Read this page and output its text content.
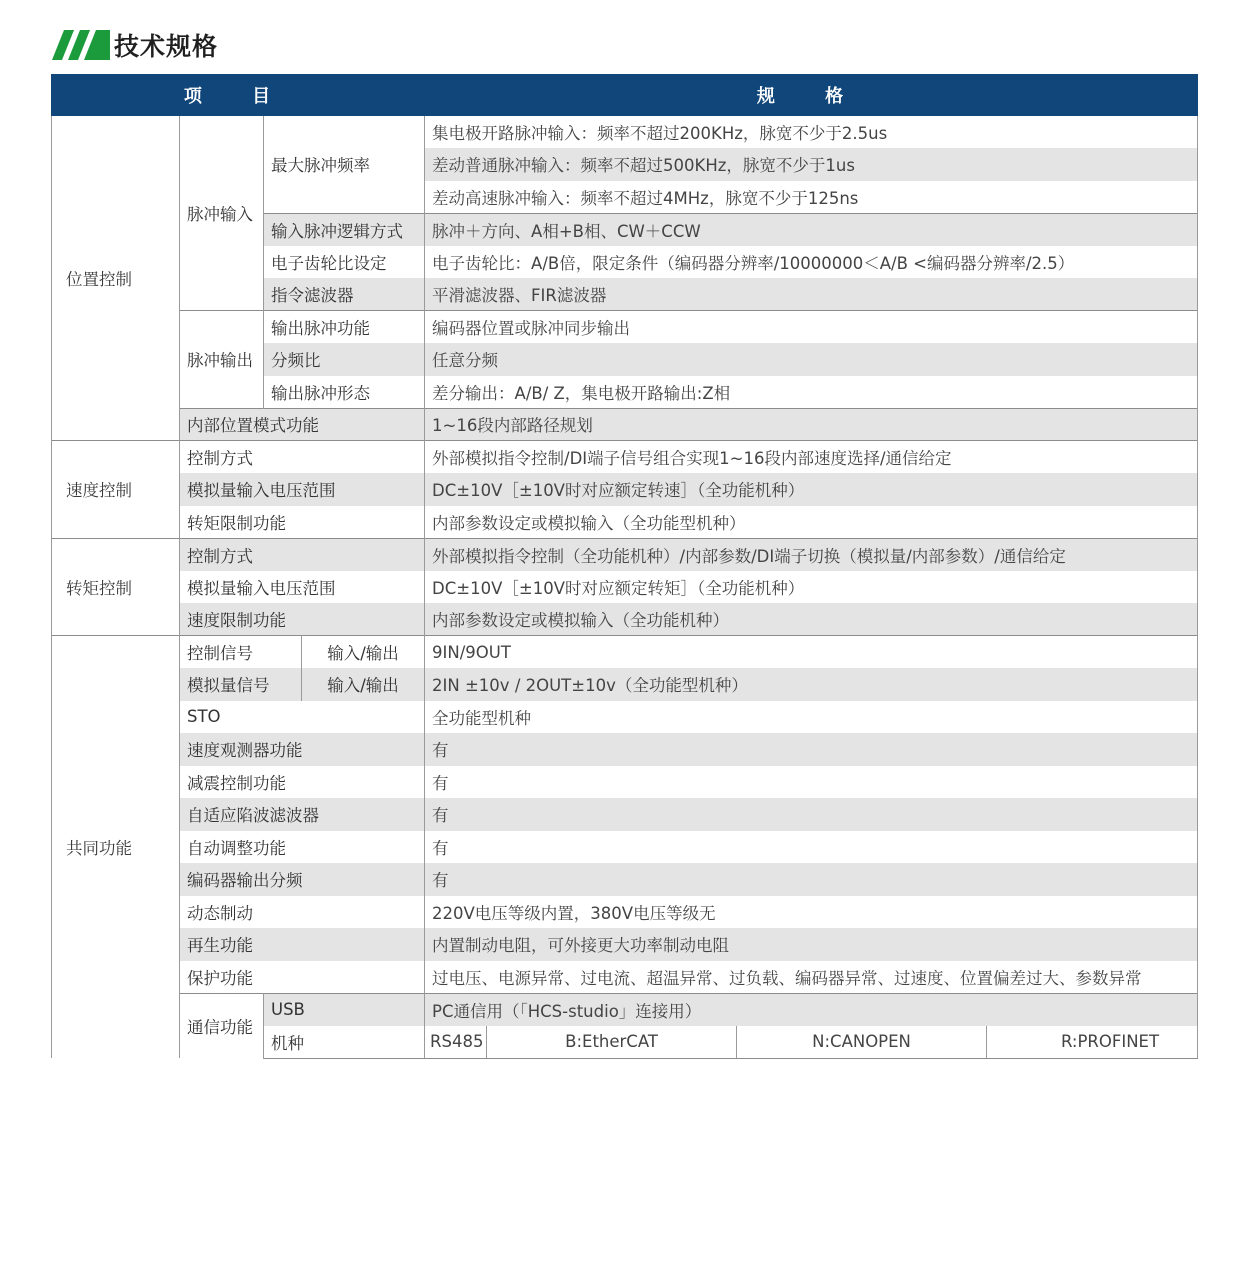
技术规格
项 目				规 格			
位置控制	脉冲输入	最大脉冲频率		集电极开路脉冲输入：频率不超过200KHz，脉宽不少于2.5us			
				差动普通脉冲输入：频率不超过500KHz，脉宽不少于1us			
				差动高速脉冲输入：频率不超过4MHz，脉宽不少于125ns			
		输入脉冲逻辑方式		脉冲＋方向、A相+B相、CW＋CCW			
		电子齿轮比设定		电子齿轮比：A/B倍，限定条件（编码器分辨率/10000000＜A/B <编码器分辨率/2.5）			
		指令滤波器		平滑滤波器、FIR滤波器			
	脉冲输出	输出脉冲功能		编码器位置或脉冲同步输出			
		分频比		任意分频			
		输出脉冲形态		差分输出：A/B/ Z，集电极开路输出:Z相			
	内部位置模式功能			1~16段内部路径规划			
速度控制	控制方式			外部模拟指令控制/DI端子信号组合实现1~16段内部速度选择/通信给定			
	模拟量输入电压范围			DC±10V［±10V时对应额定转速］（全功能机种）			
	转矩限制功能			内部参数设定或模拟输入（全功能型机种）			
转矩控制	控制方式			外部模拟指令控制（全功能机种）/内部参数/DI端子切换（模拟量/内部参数）/通信给定			
	模拟量输入电压范围			DC±10V［±10V时对应额定转矩］（全功能机种）			
	速度限制功能			内部参数设定或模拟输入（全功能机种）			
共同功能	控制信号		输入/输出	9IN/9OUT			
	模拟量信号		输入/输出	2IN ±10v / 2OUT±10v（全功能型机种）			
	STO			全功能型机种			
	速度观测器功能			有			
	减震控制功能			有			
	自适应陷波滤波器			有			
	自动调整功能			有			
	编码器输出分频			有			
	动态制动			220V电压等级内置，380V电压等级无			
	再生功能			内置制动电阻，可外接更大功率制动电阻			
	保护功能			过电压、电源异常、过电流、超温异常、过负载、编码器异常、过速度、位置偏差过大、参数异常			
	通信功能	USB		PC通信用（「HCS-studio」连接用）			
		机种		RS485	B:EtherCAT	N:CANOPEN	R:PROFINET
